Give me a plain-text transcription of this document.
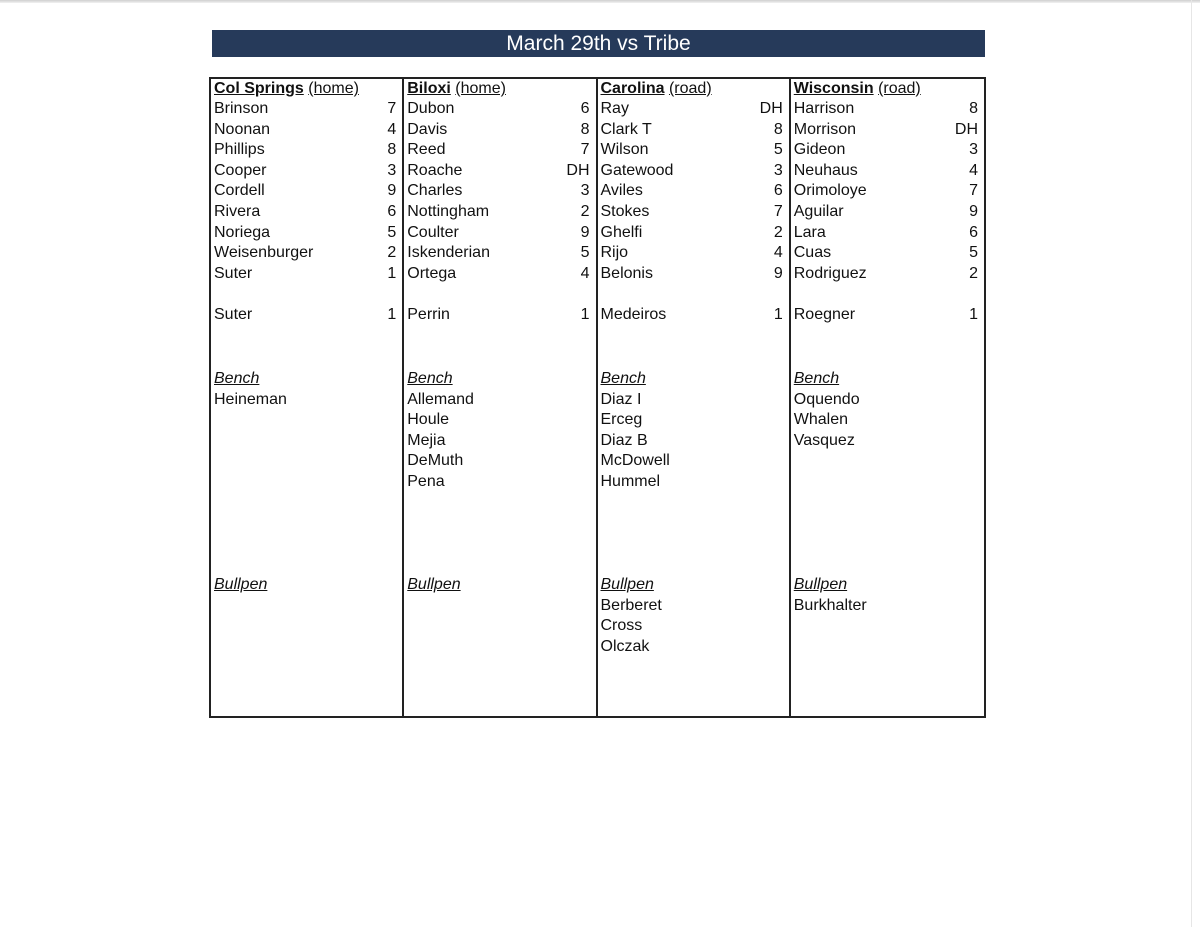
March 29th vs Tribe
Col Springs (home)
Brinson	7
Noonan	4
Phillips	8
Cooper	3
Cordell	9
Rivera	6
Noriega	5
Weisenburger	2
Suter	1
Suter	1
Bench
Heineman
Bullpen
Biloxi (home)
Dubon	6
Davis	8
Reed	7
Roache	DH
Charles	3
Nottingham	2
Coulter	9
Iskenderian	5
Ortega	4
Perrin	1
Bench
Allemand
Houle
Mejia
DeMuth
Pena
Bullpen
Carolina (road)
Ray	DH
Clark T	8
Wilson	5
Gatewood	3
Aviles	6
Stokes	7
Ghelfi	2
Rijo	4
Belonis	9
Medeiros	1
Bench
Diaz I
Erceg
Diaz B
McDowell
Hummel
Bullpen
Berberet
Cross
Olczak
Wisconsin (road)
Harrison	8
Morrison	DH
Gideon	3
Neuhaus	4
Orimoloye	7
Aguilar	9
Lara	6
Cuas	5
Rodriguez	2
Roegner	1
Bench
Oquendo
Whalen
Vasquez
Bullpen
Burkhalter
